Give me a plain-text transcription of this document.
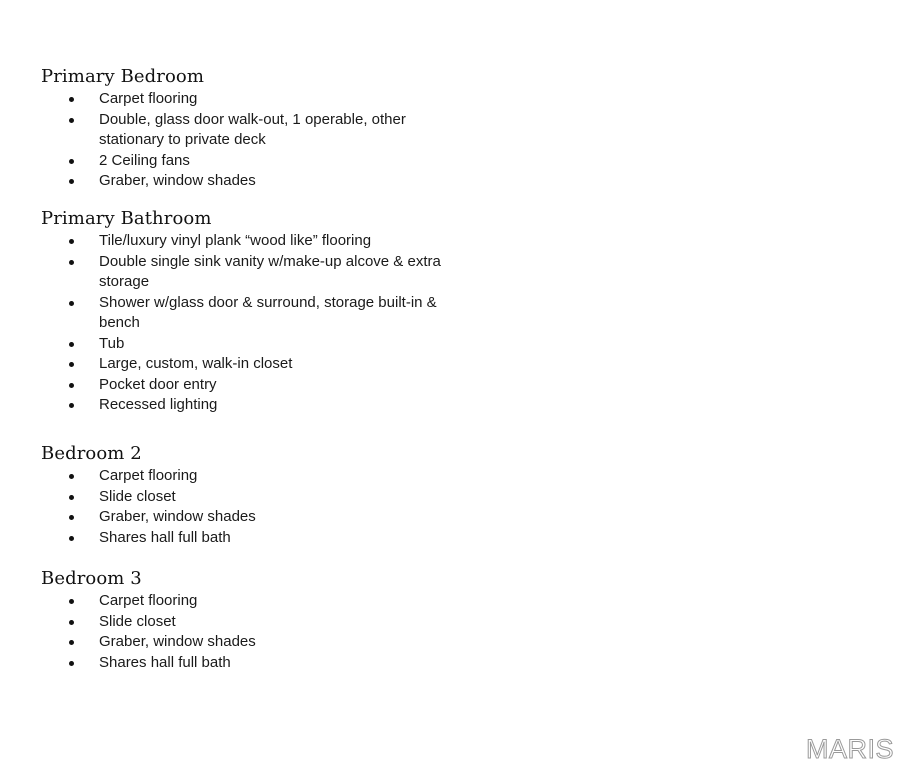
Primary Bedroom
Carpet flooring
Double, glass door walk-out, 1 operable, other stationary to private deck
2 Ceiling fans
Graber, window shades
Primary Bathroom
Tile/luxury vinyl plank “wood like” flooring
Double single sink vanity w/make-up alcove & extra storage
Shower w/glass door & surround, storage built-in & bench
Tub
Large, custom, walk-in closet
Pocket door entry
Recessed lighting
Bedroom 2
Carpet flooring
Slide closet
Graber, window shades
Shares hall full bath
Bedroom 3
Carpet flooring
Slide closet
Graber, window shades
Shares hall full bath
MARIS
